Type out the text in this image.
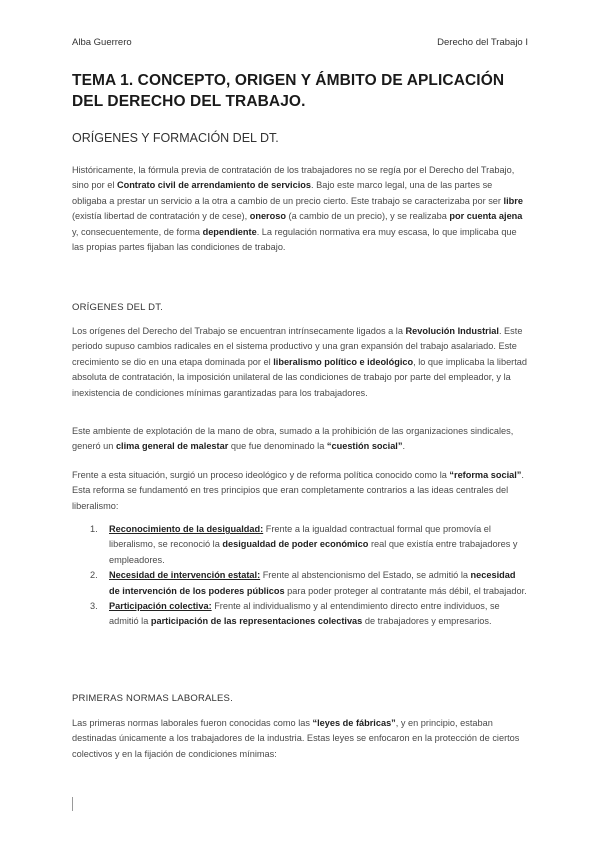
Alba Guerrero	Derecho del Trabajo I
TEMA 1. CONCEPTO, ORIGEN Y ÁMBITO DE APLICACIÓN DEL DERECHO DEL TRABAJO.
ORÍGENES Y FORMACIÓN DEL DT.

Históricamente, la fórmula previa de contratación de los trabajadores no se regía por el Derecho del Trabajo, sino por el Contrato civil de arrendamiento de servicios. Bajo este marco legal, una de las partes se obligaba a prestar un servicio a la otra a cambio de un precio cierto. Este trabajo se caracterizaba por ser libre (existía libertad de contratación y de cese), oneroso (a cambio de un precio), y se realizaba por cuenta ajena y, consecuentemente, de forma dependiente. La regulación normativa era muy escasa, lo que implicaba que las propias partes fijaban las condiciones de trabajo.

ORÍGENES DEL DT.

Los orígenes del Derecho del Trabajo se encuentran intrínsecamente ligados a la Revolución Industrial. Este periodo supuso cambios radicales en el sistema productivo y una gran expansión del trabajo asalariado. Este crecimiento se dio en una etapa dominada por el liberalismo político e ideológico, lo que implicaba la libertad absoluta de contratación, la imposición unilateral de las condiciones de trabajo por parte del empleador, y la inexistencia de condiciones mínimas garantizadas para los trabajadores.

Este ambiente de explotación de la mano de obra, sumado a la prohibición de las organizaciones sindicales, generó un clima general de malestar que fue denominado la “cuestión social”.

Frente a esta situación, surgió un proceso ideológico y de reforma política conocido como la “reforma social”. Esta reforma se fundamentó en tres principios que eran completamente contrarios a las ideas centrales del liberalismo:

1. Reconocimiento de la desigualdad: Frente a la igualdad contractual formal que promovía el liberalismo, se reconoció la desigualdad de poder económico real que existía entre trabajadores y empleadores.
2. Necesidad de intervención estatal: Frente al abstencionismo del Estado, se admitió la necesidad de intervención de los poderes públicos para poder proteger al contratante más débil, el trabajador.
3. Participación colectiva: Frente al individualismo y al entendimiento directo entre individuos, se admitió la participación de las representaciones colectivas de trabajadores y empresarios.
PRIMERAS NORMAS LABORALES.

Las primeras normas laborales fueron conocidas como las “leyes de fábricas”, y en principio, estaban destinadas únicamente a los trabajadores de la industria. Estas leyes se enfocaron en la protección de ciertos colectivos y en la fijación de condiciones mínimas:
